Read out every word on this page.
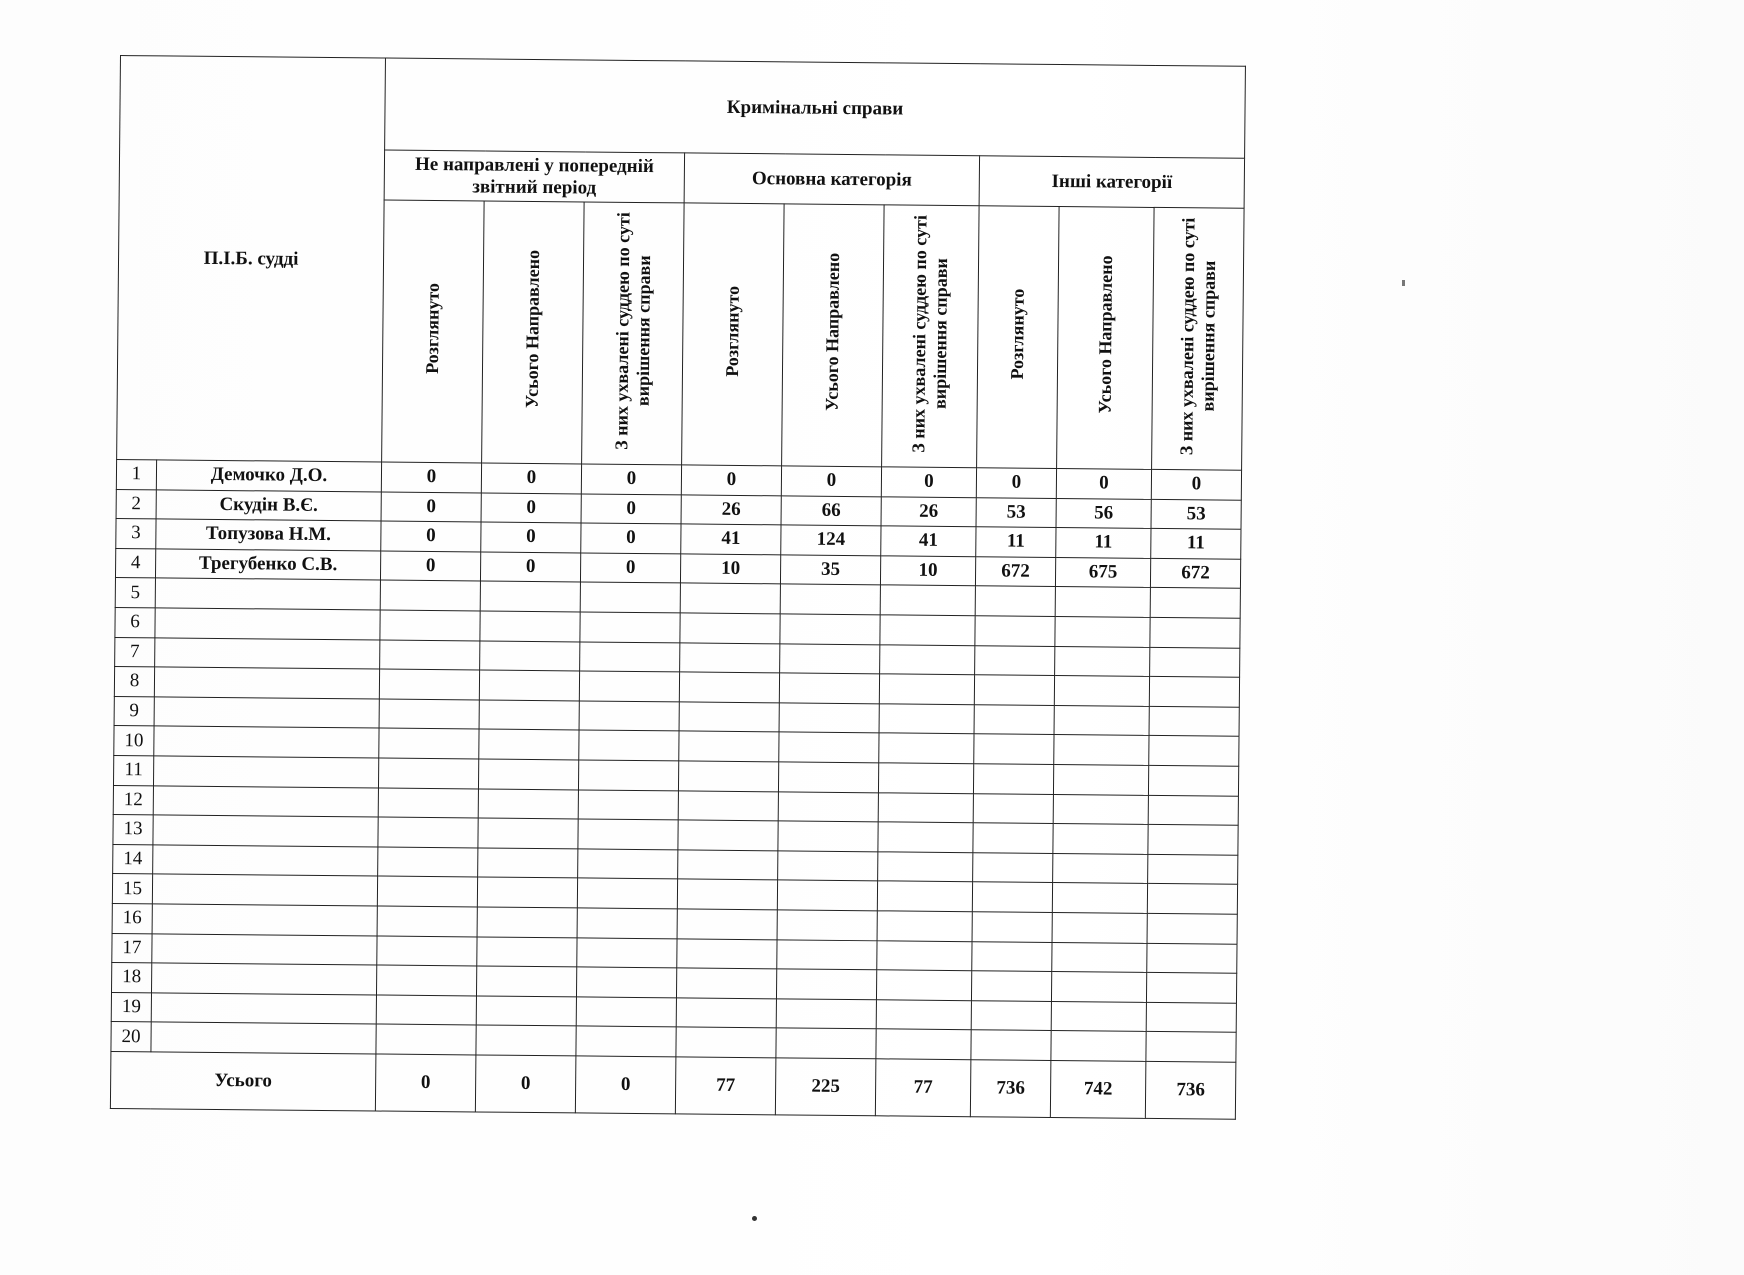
П.І.Б. судді		Кримінальні справи								
		Не направлені у попередній звітний період			Основна категорія			Інші категорії		
		Розглянуто	Усього Направлено	З них ухвалені суддею по суті вирішення справи	Розглянуто	Усього Направлено	З них ухвалені суддею по суті вирішення справи	Розглянуто	Усього Направлено	З них ухвалені суддею по суті вирішення справи
1	Демочко Д.О.	0	0	0	0	0	0	0	0	0
2	Скудін В.Є.	0	0	0	26	66	26	53	56	53
3	Топузова Н.М.	0	0	0	41	124	41	11	11	11
4	Трегубенко С.В.	0	0	0	10	35	10	672	675	672
5										
6										
7										
8										
9										
10										
11										
12										
13										
14										
15										
16										
17										
18										
19										
20										
Усього		0	0	0	77	225	77	736	742	736
